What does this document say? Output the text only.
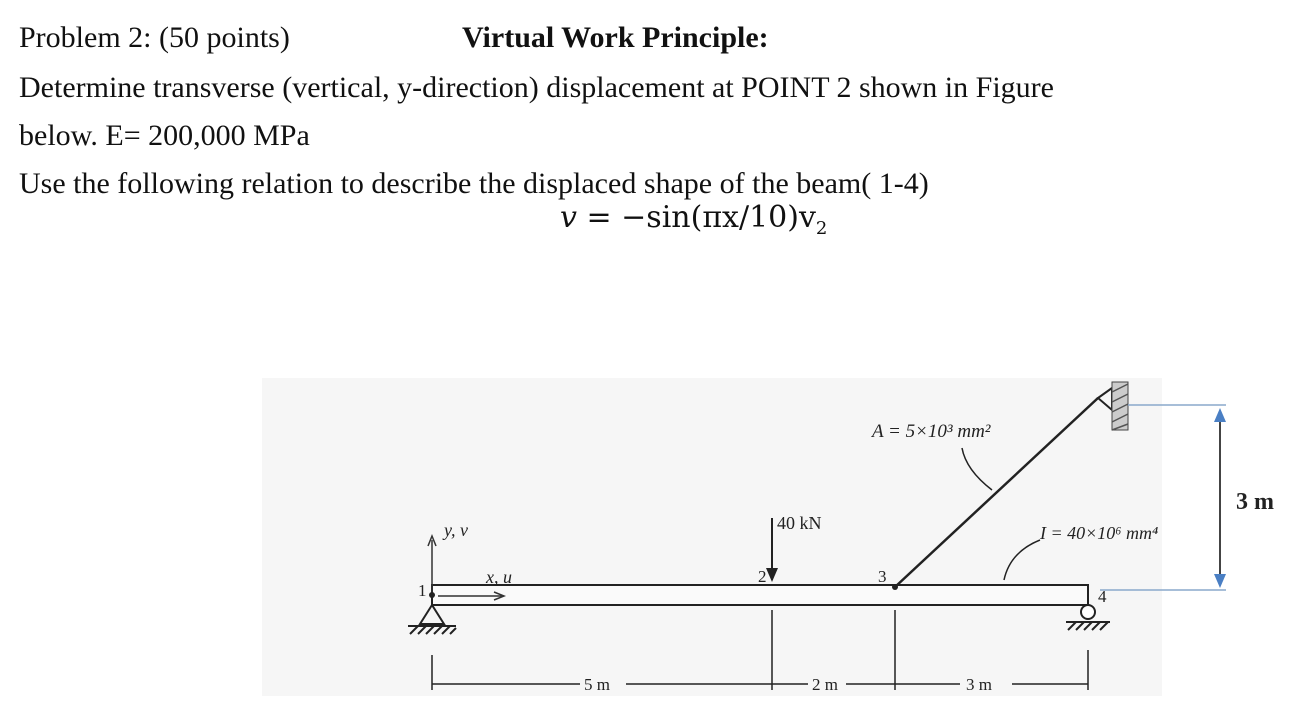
Problem 2: (50 points)	Virtual Work Principle:
Determine transverse (vertical, y-direction) displacement at POINT 2 shown in Figure
below. E= 200,000 MPa
Use the following relation to describe the displaced shape of the beam( 1-4)
$v = -\sin(\pi x/10)v_2$
y, v
x, u
1
2	3
4
40 kN
A = 5×10³ mm²
I = 40×10⁶ mm⁴
3 m
5 m	2 m	3 m
